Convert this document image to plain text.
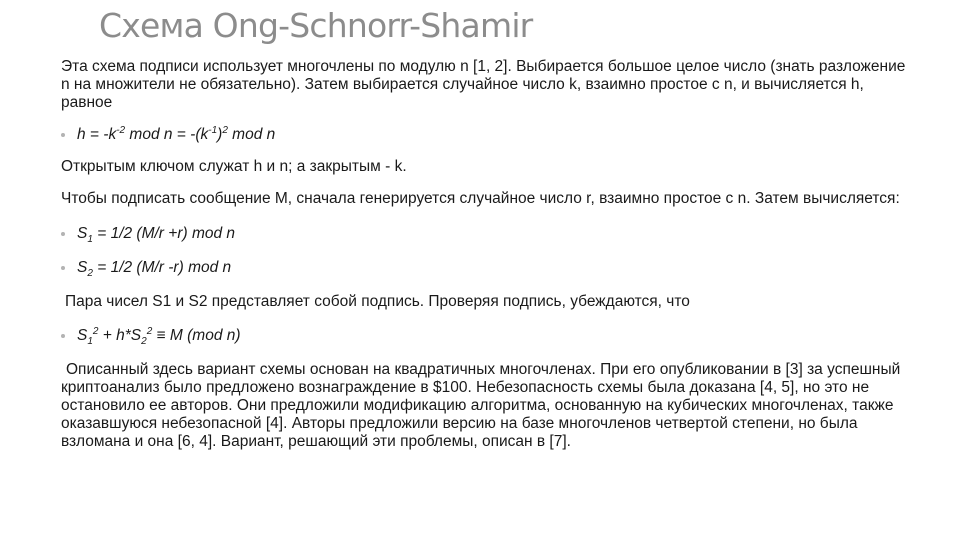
Схема Ong-Schnorr-Shamir

Эта схема подписи использует многочлены по модулю n [1, 2]. Выбирается большое целое число (знать разложение n на множители не обязательно). Затем выбирается случайное число k, взаимно простое с n, и вычисляется h, равное

$h = -k^{-2}$ mod $n = -(k^{-1})^2$ mod n

Открытым ключом служат h и n; а закрытым - k.

Чтобы подписать сообщение M, сначала генерируется случайное число r, взаимно простое с n. Затем вычисляется:

$S_1 = 1/2$ (M/r +r) mod n
$S_2 = 1/2$ (M/r -r) mod n

Пара чисел S1 и S2 представляет собой подпись. Проверяя подпись, убеждаются, что

$S_1^2 + h*S_2^2 \equiv M$ (mod n)

Описанный здесь вариант схемы основан на квадратичных многочленах. При его опубликовании в [3] за успешный криптоанализ было предложено вознаграждение в $100. Небезопасность схемы была доказана [4, 5], но это не остановило ее авторов. Они предложили модификацию алгоритма, основанную на кубических многочленах, также оказавшуюся небезопасной [4]. Авторы предложили версию на базе многочленов четвертой степени, но была взломана и она [6, 4]. Вариант, решающий эти проблемы, описан в [7].
